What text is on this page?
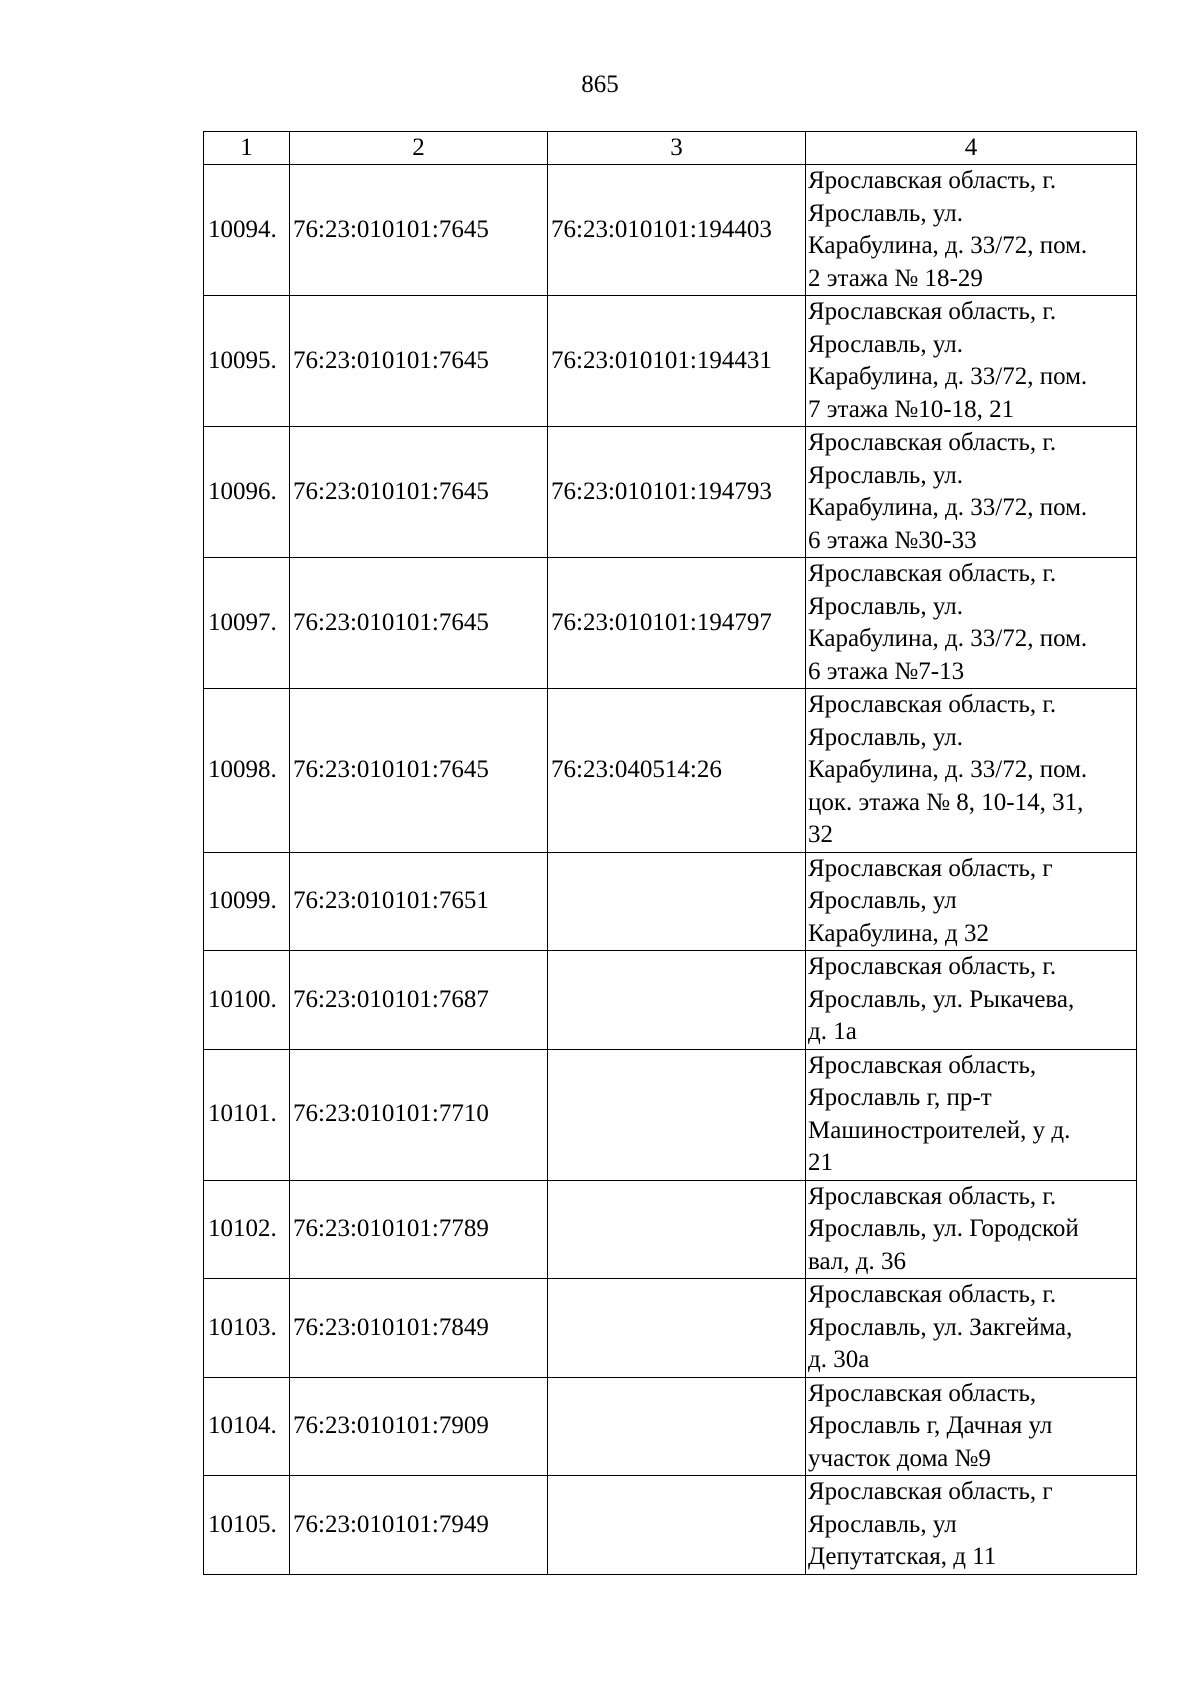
865
1	2	3	4
10094.	76:23:010101:7645	76:23:010101:194403	Ярославская область, г.
Ярославль, ул.
Карабулина, д. 33/72, пом.
2 этажа № 18-29

10095.	76:23:010101:7645	76:23:010101:194431	Ярославская область, г.
Ярославль, ул.
Карабулина, д. 33/72, пом.
7 этажа №10-18, 21

10096.	76:23:010101:7645	76:23:010101:194793	Ярославская область, г.
Ярославль, ул.
Карабулина, д. 33/72, пом.
6 этажа №30-33

10097.	76:23:010101:7645	76:23:010101:194797	Ярославская область, г.
Ярославль, ул.
Карабулина, д. 33/72, пом.
6 этажа №7-13

10098.	76:23:010101:7645	76:23:040514:26	Ярославская область, г.
Ярославль, ул.
Карабулина, д. 33/72, пом.
цок. этажа № 8, 10-14, 31,
32

10099.	76:23:010101:7651		Ярославская область, г
Ярославль, ул
Карабулина, д 32

10100.	76:23:010101:7687		Ярославская область, г.
Ярославль, ул. Рыкачева,
д. 1а

10101.	76:23:010101:7710		Ярославская область,
Ярославль г, пр-т
Машиностроителей, у д.
21

10102.	76:23:010101:7789		Ярославская область, г.
Ярославль, ул. Городской
вал, д. 36

10103.	76:23:010101:7849		Ярославская область, г.
Ярославль, ул. Закгейма,
д. 30а

10104.	76:23:010101:7909		Ярославская область,
Ярославль г, Дачная ул
участок дома №9

10105.	76:23:010101:7949		Ярославская область, г
Ярославль, ул
Депутатская, д 11
